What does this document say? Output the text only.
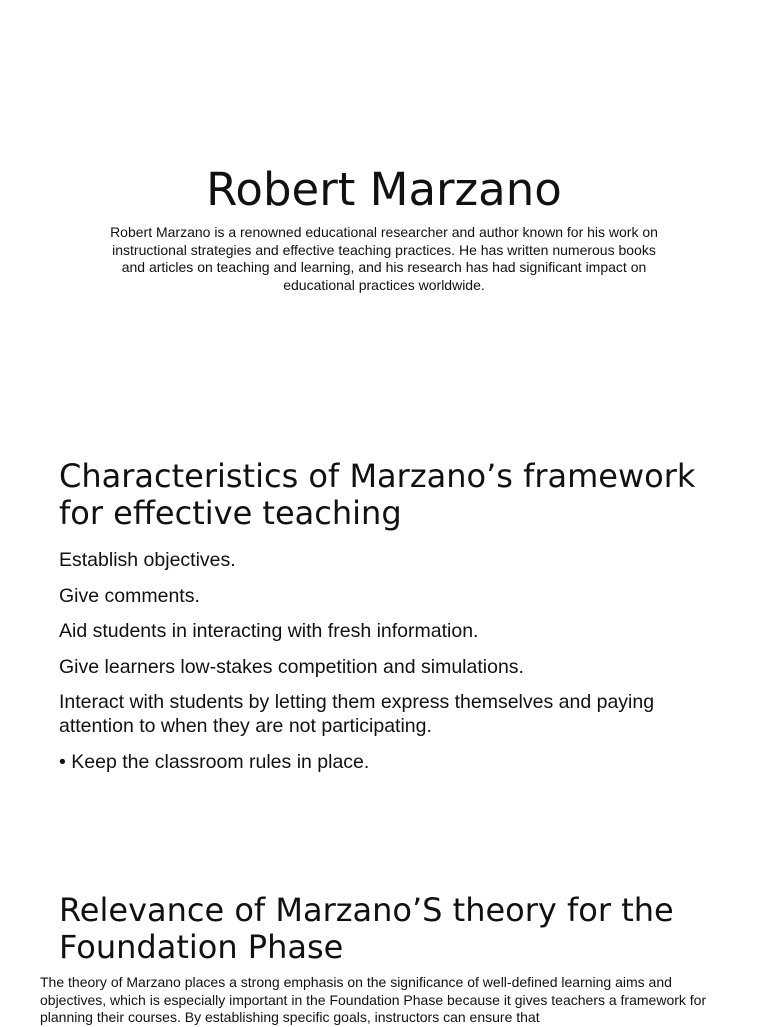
Robert Marzano
Robert Marzano is a renowned educational researcher and author known for his work on instructional strategies and effective teaching practices. He has written numerous books and articles on teaching and learning, and his research has had significant impact on educational practices worldwide.
Characteristics of Marzano’s framework for effective teaching
Establish objectives.
Give comments.
Aid students in interacting with fresh information.
Give learners low-stakes competition and simulations.
Interact with students by letting them express themselves and paying attention to when they are not participating.
• Keep the classroom rules in place.
Relevance of Marzano’S theory for the Foundation Phase
The theory of Marzano places a strong emphasis on the significance of well-defined learning aims and objectives, which is especially important in the Foundation Phase because it gives teachers a framework for planning their courses. By establishing specific goals, instructors can ensure that
